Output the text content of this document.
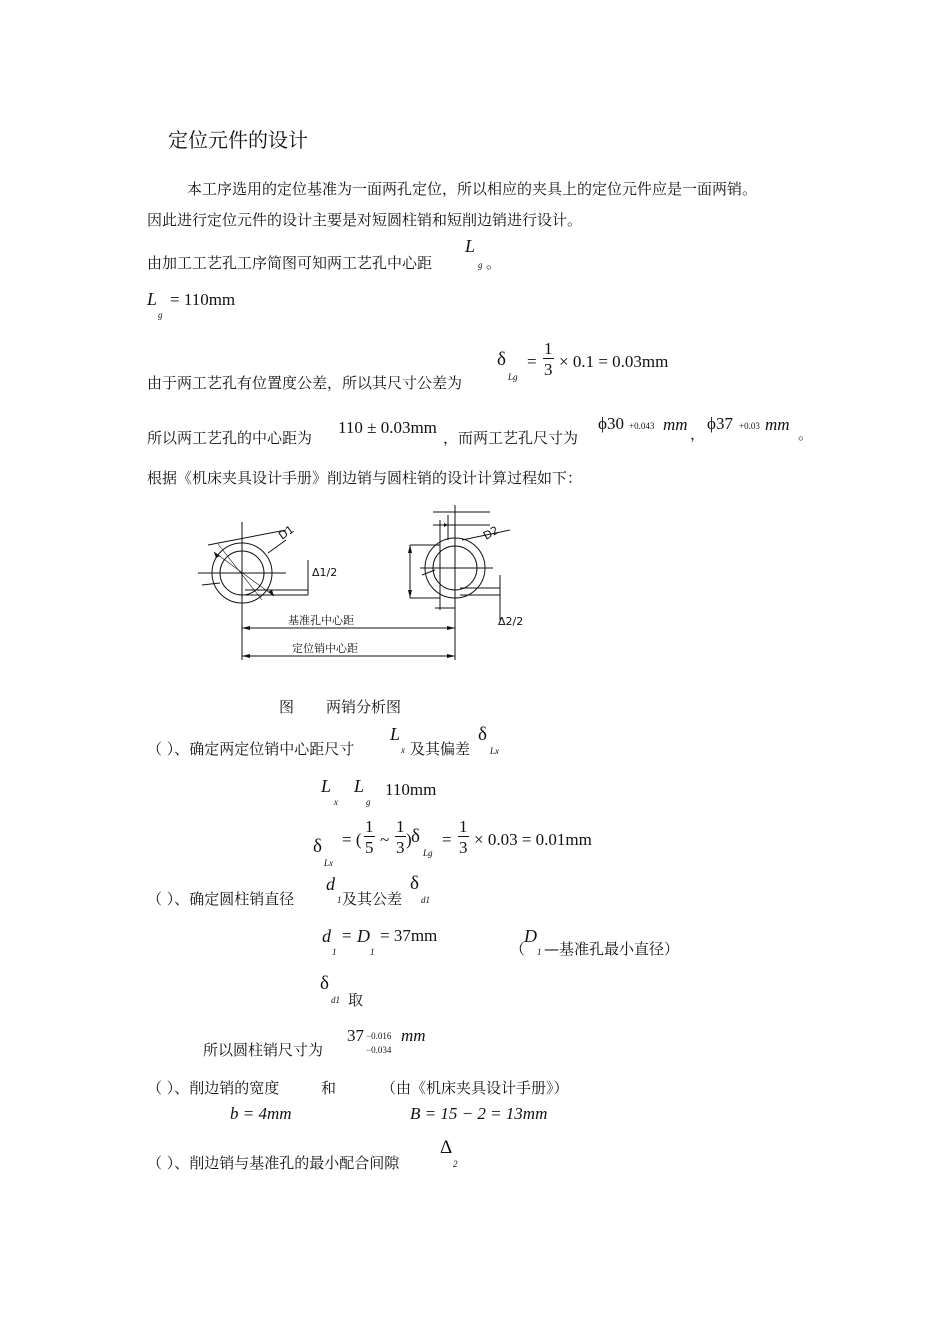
定位元件的设计
本工序选用的定位基准为一面两孔定位，所以相应的夹具上的定位元件应是一面两销。
因此进行定位元件的设计主要是对短圆柱销和短削边销进行设计。
由加工工艺孔工序简图可知两工艺孔中心距
L
g 。
L
g
= 110mm
由于两工艺孔有位置度公差，所以其尺寸公差为
δ
Lg
= $\frac{1}{3} \times 0.1 = 0.03mm$
所以两工艺孔的中心距为
110 ± 0.03mm
，而两工艺孔尺寸为
ϕ30 +0.043 mm ，
ϕ37 +0.03 mm 。
根据《机床夹具设计手册》削边销与圆柱销的设计计算过程如下：
D1	D2
Δ1/2
Δ2/2
基准孔中心距
定位销中心距
图 两销分析图
（ ）、确定两定位销中心距尺寸
L
x 及其偏差
δ
Lx
L
x
L
g
110mm
δ
Lx
= ( $\frac{1}{5}$ ~ $\frac{1}{3}$ ) δ
Lg
= $\frac{1}{3} \times 0.03 = 0.01mm$
（ ）、确定圆柱销直径
d
1 及其公差
δ
d1
d
1
= D
1
= 37mm
（
D
1 —基准孔最小直径）
δ
d1 取
所以圆柱销尺寸为
37 −0.016
−0.034
mm
（ ）、削边销的宽度	和	（由《机床夹具设计手册》）
b = 4mm	B = 15 − 2 = 13mm
（ ）、削边销与基准孔的最小配合间隙
Δ
2
